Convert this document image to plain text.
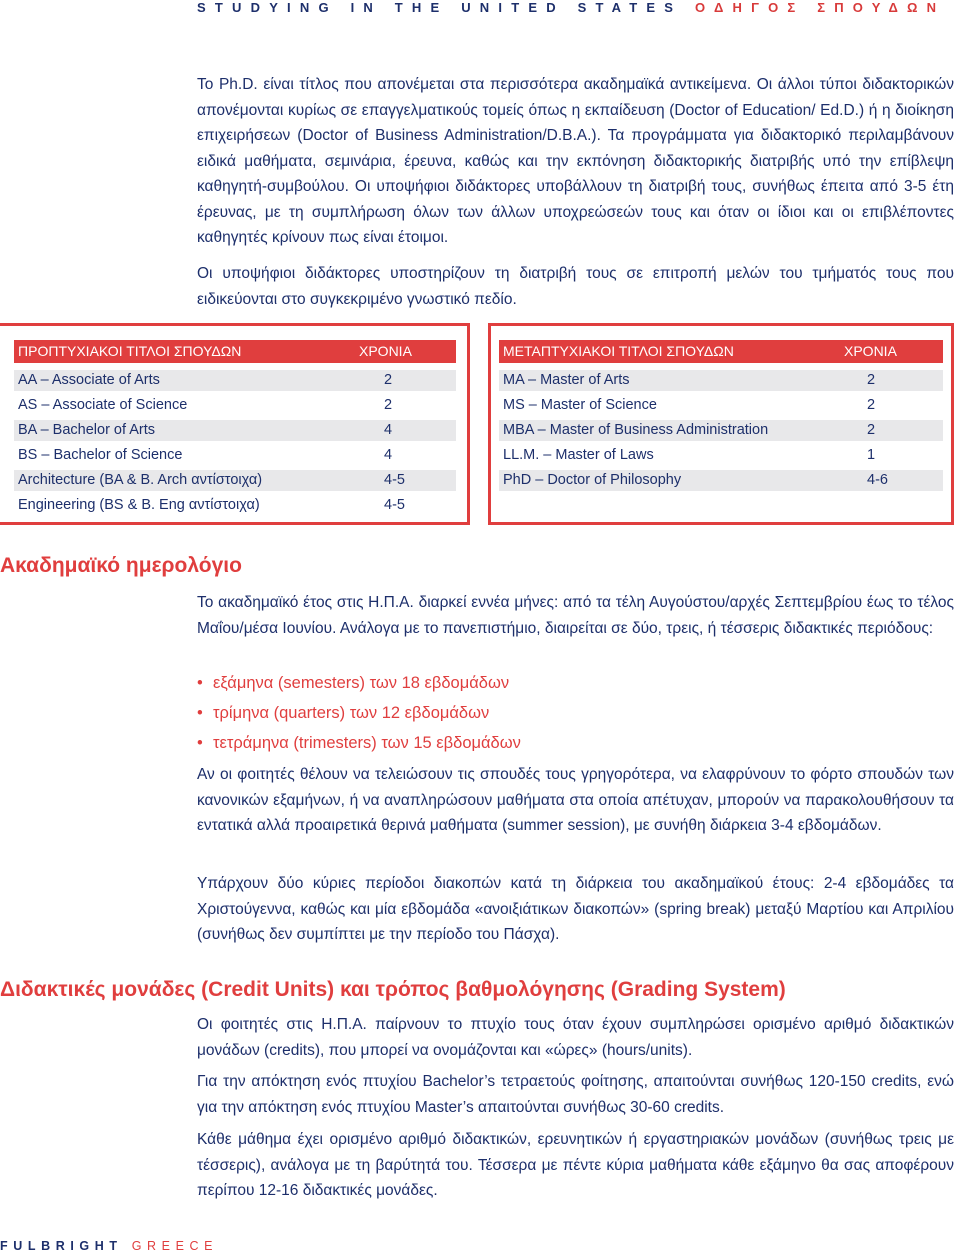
STUDYING IN THE UNITED STATES ΟΔΗΓΟΣ ΣΠΟΥΔΩΝ

Το Ph.D. είναι τίτλος που απονέμεται στα περισσότερα ακαδημαϊκά αντικείμενα. Οι άλλοι τύποι διδακτορικών απονέμονται κυρίως σε επαγγελματικούς τομείς όπως η εκπαίδευση (Doctor of Education/ Ed.D.) ή η διοίκηση επιχειρήσεων (Doctor of Business Administration/D.B.A.). Τα προγράμματα για διδακτορικό περιλαμβάνουν ειδικά μαθήματα, σεμινάρια, έρευνα, καθώς και την εκπόνηση διδακτορικής διατριβής υπό την επίβλεψη καθηγητή-συμβούλου. Οι υποψήφιοι διδάκτορες υποβάλλουν τη διατριβή τους, συνήθως έπειτα από 3-5 έτη έρευνας, με τη συμπλήρωση όλων των άλλων υποχρεώσεών τους και όταν οι ίδιοι και οι επιβλέποντες καθηγητές κρίνουν πως είναι έτοιμοι.

Οι υποψήφιοι διδάκτορες υποστηρίζουν τη διατριβή τους σε επιτροπή μελών του τμήματός τους που ειδικεύονται στο συγκεκριμένο γνωστικό πεδίο.

ΠΡΟΠΤΥΧΙΑΚΟΙ ΤΙΤΛΟΙ ΣΠΟΥΔΩΝ	ΧΡΟΝΙΑ
AA – Associate of Arts	2
AS – Associate of Science	2
BA – Bachelor of Arts	4
BS – Bachelor of Science	4
Architecture (BA & B. Arch αντίστοιχα)	4-5
Engineering (BS & B. Eng αντίστοιχα)	4-5
ΜΕΤΑΠΤΥΧΙΑΚΟΙ ΤΙΤΛΟΙ ΣΠΟΥΔΩΝ	ΧΡΟΝΙΑ
MA – Master of Arts	2
MS – Master of Science	2
MBA – Master of Business Administration	2
LL.M. – Master of Laws	1
PhD – Doctor of Philosophy	4-6
Ακαδημαϊκό ημερολόγιο

Το ακαδημαϊκό έτος στις Η.Π.Α. διαρκεί εννέα μήνες: από τα τέλη Αυγούστου/αρχές Σεπτεμβρίου έως το τέλος Μαΐου/μέσα Ιουνίου. Ανάλογα με το πανεπιστήμιο, διαιρείται σε δύο, τρεις, ή τέσσερις διδακτικές περιόδους:

• εξάμηνα (semesters) των 18 εβδομάδων
• τρίμηνα (quarters) των 12 εβδομάδων
• τετράμηνα (trimesters) των 15 εβδομάδων

Αν οι φοιτητές θέλουν να τελειώσουν τις σπουδές τους γρηγορότερα, να ελαφρύνουν το φόρτο σπουδών των κανονικών εξαμήνων, ή να αναπληρώσουν μαθήματα στα οποία απέτυχαν, μπορούν να παρακολουθήσουν τα εντατικά αλλά προαιρετικά θερινά μαθήματα (summer session), με συνήθη διάρκεια 3-4 εβδομάδων.

Υπάρχουν δύο κύριες περίοδοι διακοπών κατά τη διάρκεια του ακαδημαϊκού έτους: 2-4 εβδομάδες τα Χριστούγεννα, καθώς και μία εβδομάδα «ανοιξιάτικων διακοπών» (spring break) μεταξύ Μαρτίου και Απριλίου (συνήθως δεν συμπίπτει με την περίοδο του Πάσχα).

Διδακτικές μονάδες (Credit Units) και τρόπος βαθμολόγησης (Grading System)

Οι φοιτητές στις Η.Π.Α. παίρνουν το πτυχίο τους όταν έχουν συμπληρώσει ορισμένο αριθμό διδακτικών μονάδων (credits), που μπορεί να ονομάζονται και «ώρες» (hours/units).

Για την απόκτηση ενός πτυχίου Bachelor’s τετραετούς φοίτησης, απαιτούνται συνήθως 120-150 credits, ενώ για την απόκτηση ενός πτυχίου Master’s απαιτούνται συνήθως 30-60 credits.

Κάθε μάθημα έχει ορισμένο αριθμό διδακτικών, ερευνητικών ή εργαστηριακών μονάδων (συνήθως τρεις με τέσσερις), ανάλογα με τη βαρύτητά του. Τέσσερα με πέντε κύρια μαθήματα κάθε εξάμηνο θα σας αποφέρουν περίπου 12-16 διδακτικές μονάδες.

FULBRIGHT GREECE
